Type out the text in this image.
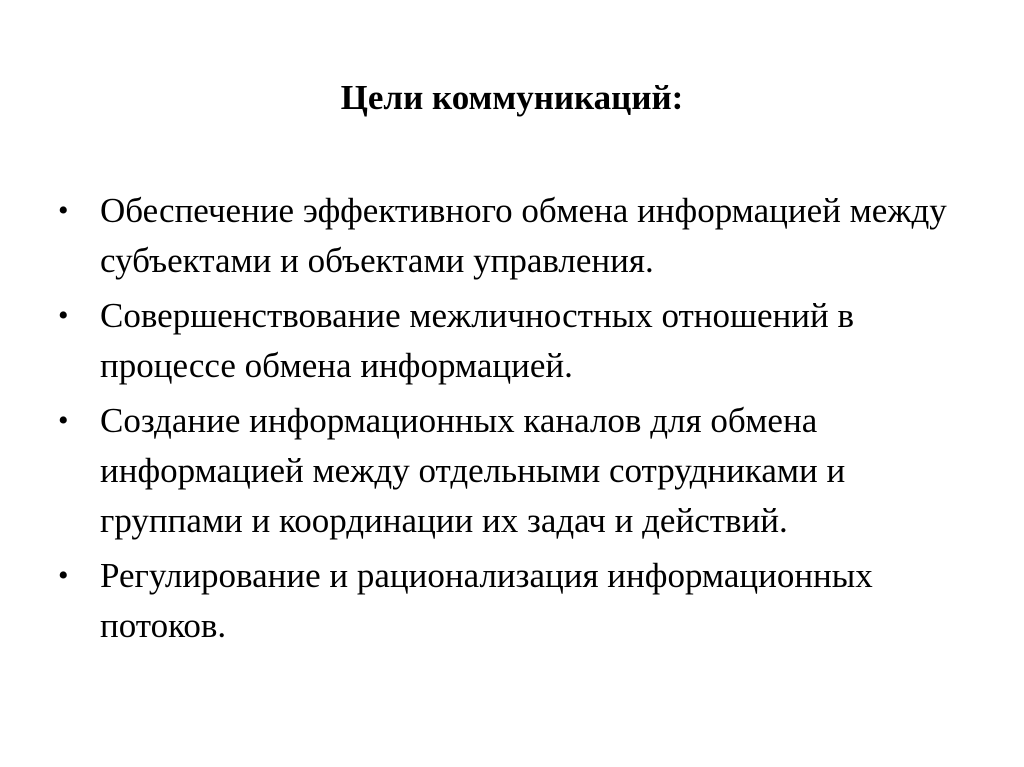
Цели коммуникаций:
• Обеспечение эффективного обмена информацией между субъектами и объектами управления.
• Совершенствование межличностных отношений в процессе обмена информацией.
• Создание информационных каналов для обмена информацией между отдельными сотрудниками и группами и координации их задач и действий.
• Регулирование и рационализация информационных потоков.
